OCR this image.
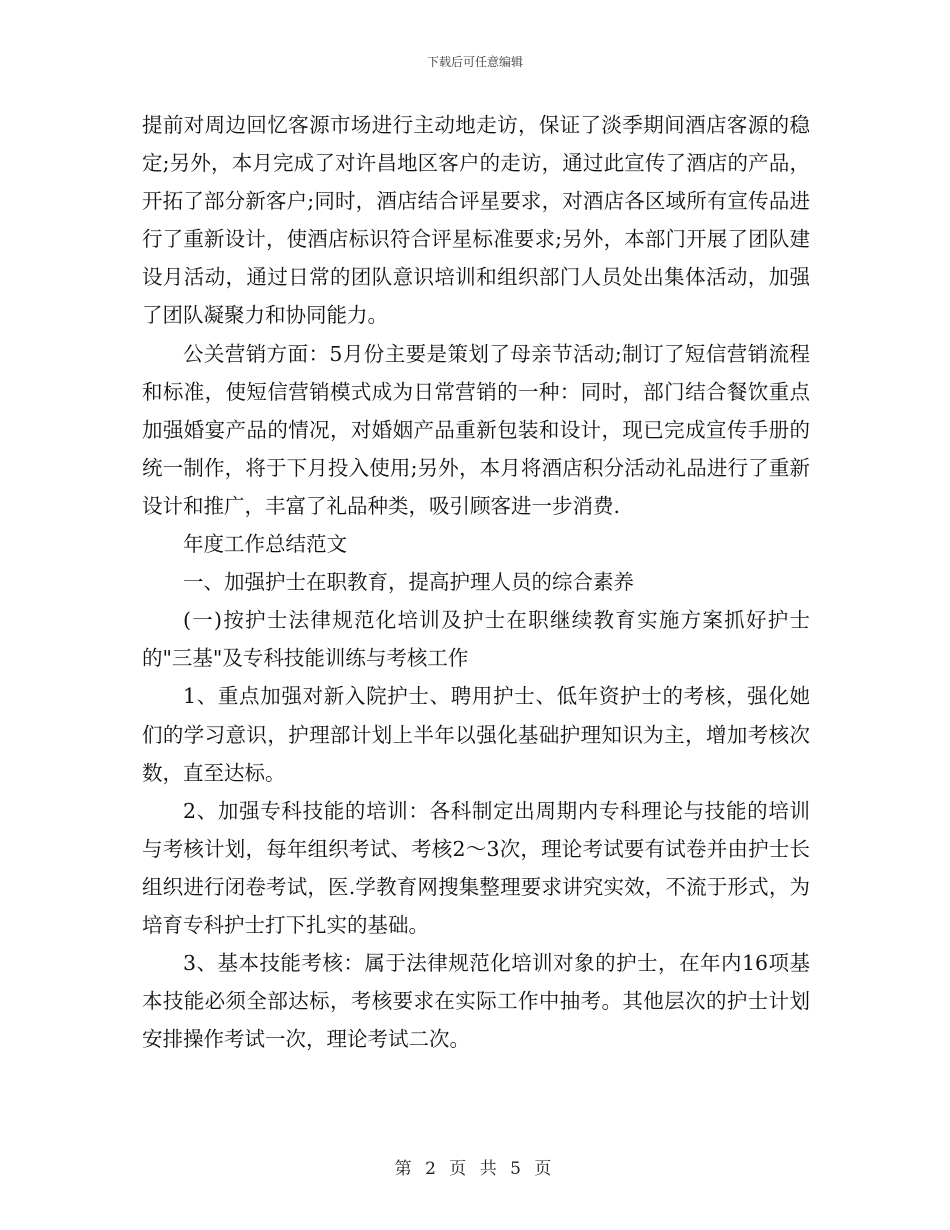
下载后可任意编辑

提前对周边回忆客源市场进行主动地走访，保证了淡季期间酒店客源的稳定;另外，本月完成了对许昌地区客户的走访，通过此宣传了酒店的产品，开拓了部分新客户;同时，酒店结合评星要求，对酒店各区域所有宣传品进行了重新设计，使酒店标识符合评星标准要求;另外，本部门开展了团队建设月活动，通过日常的团队意识培训和组织部门人员处出集体活动，加强了团队凝聚力和协同能力。

公关营销方面：5月份主要是策划了母亲节活动;制订了短信营销流程和标准，使短信营销模式成为日常营销的一种：同时，部门结合餐饮重点加强婚宴产品的情况，对婚姻产品重新包装和设计，现已完成宣传手册的统一制作，将于下月投入使用;另外，本月将酒店积分活动礼品进行了重新设计和推广，丰富了礼品种类，吸引顾客进一步消费.

年度工作总结范文

一、加强护士在职教育，提高护理人员的综合素养

(一)按护士法律规范化培训及护士在职继续教育实施方案抓好护士的"三基"及专科技能训练与考核工作

1、重点加强对新入院护士、聘用护士、低年资护士的考核，强化她们的学习意识，护理部计划上半年以强化基础护理知识为主，增加考核次数，直至达标。

2、加强专科技能的培训：各科制定出周期内专科理论与技能的培训与考核计划，每年组织考试、考核2～3次，理论考试要有试卷并由护士长组织进行闭卷考试，医.学教育网搜集整理要求讲究实效，不流于形式，为培育专科护士打下扎实的基础。

3、基本技能考核：属于法律规范化培训对象的护士，在年内16项基本技能必须全部达标，考核要求在实际工作中抽考。其他层次的护士计划安排操作考试一次，理论考试二次。

第 2 页 共 5 页
